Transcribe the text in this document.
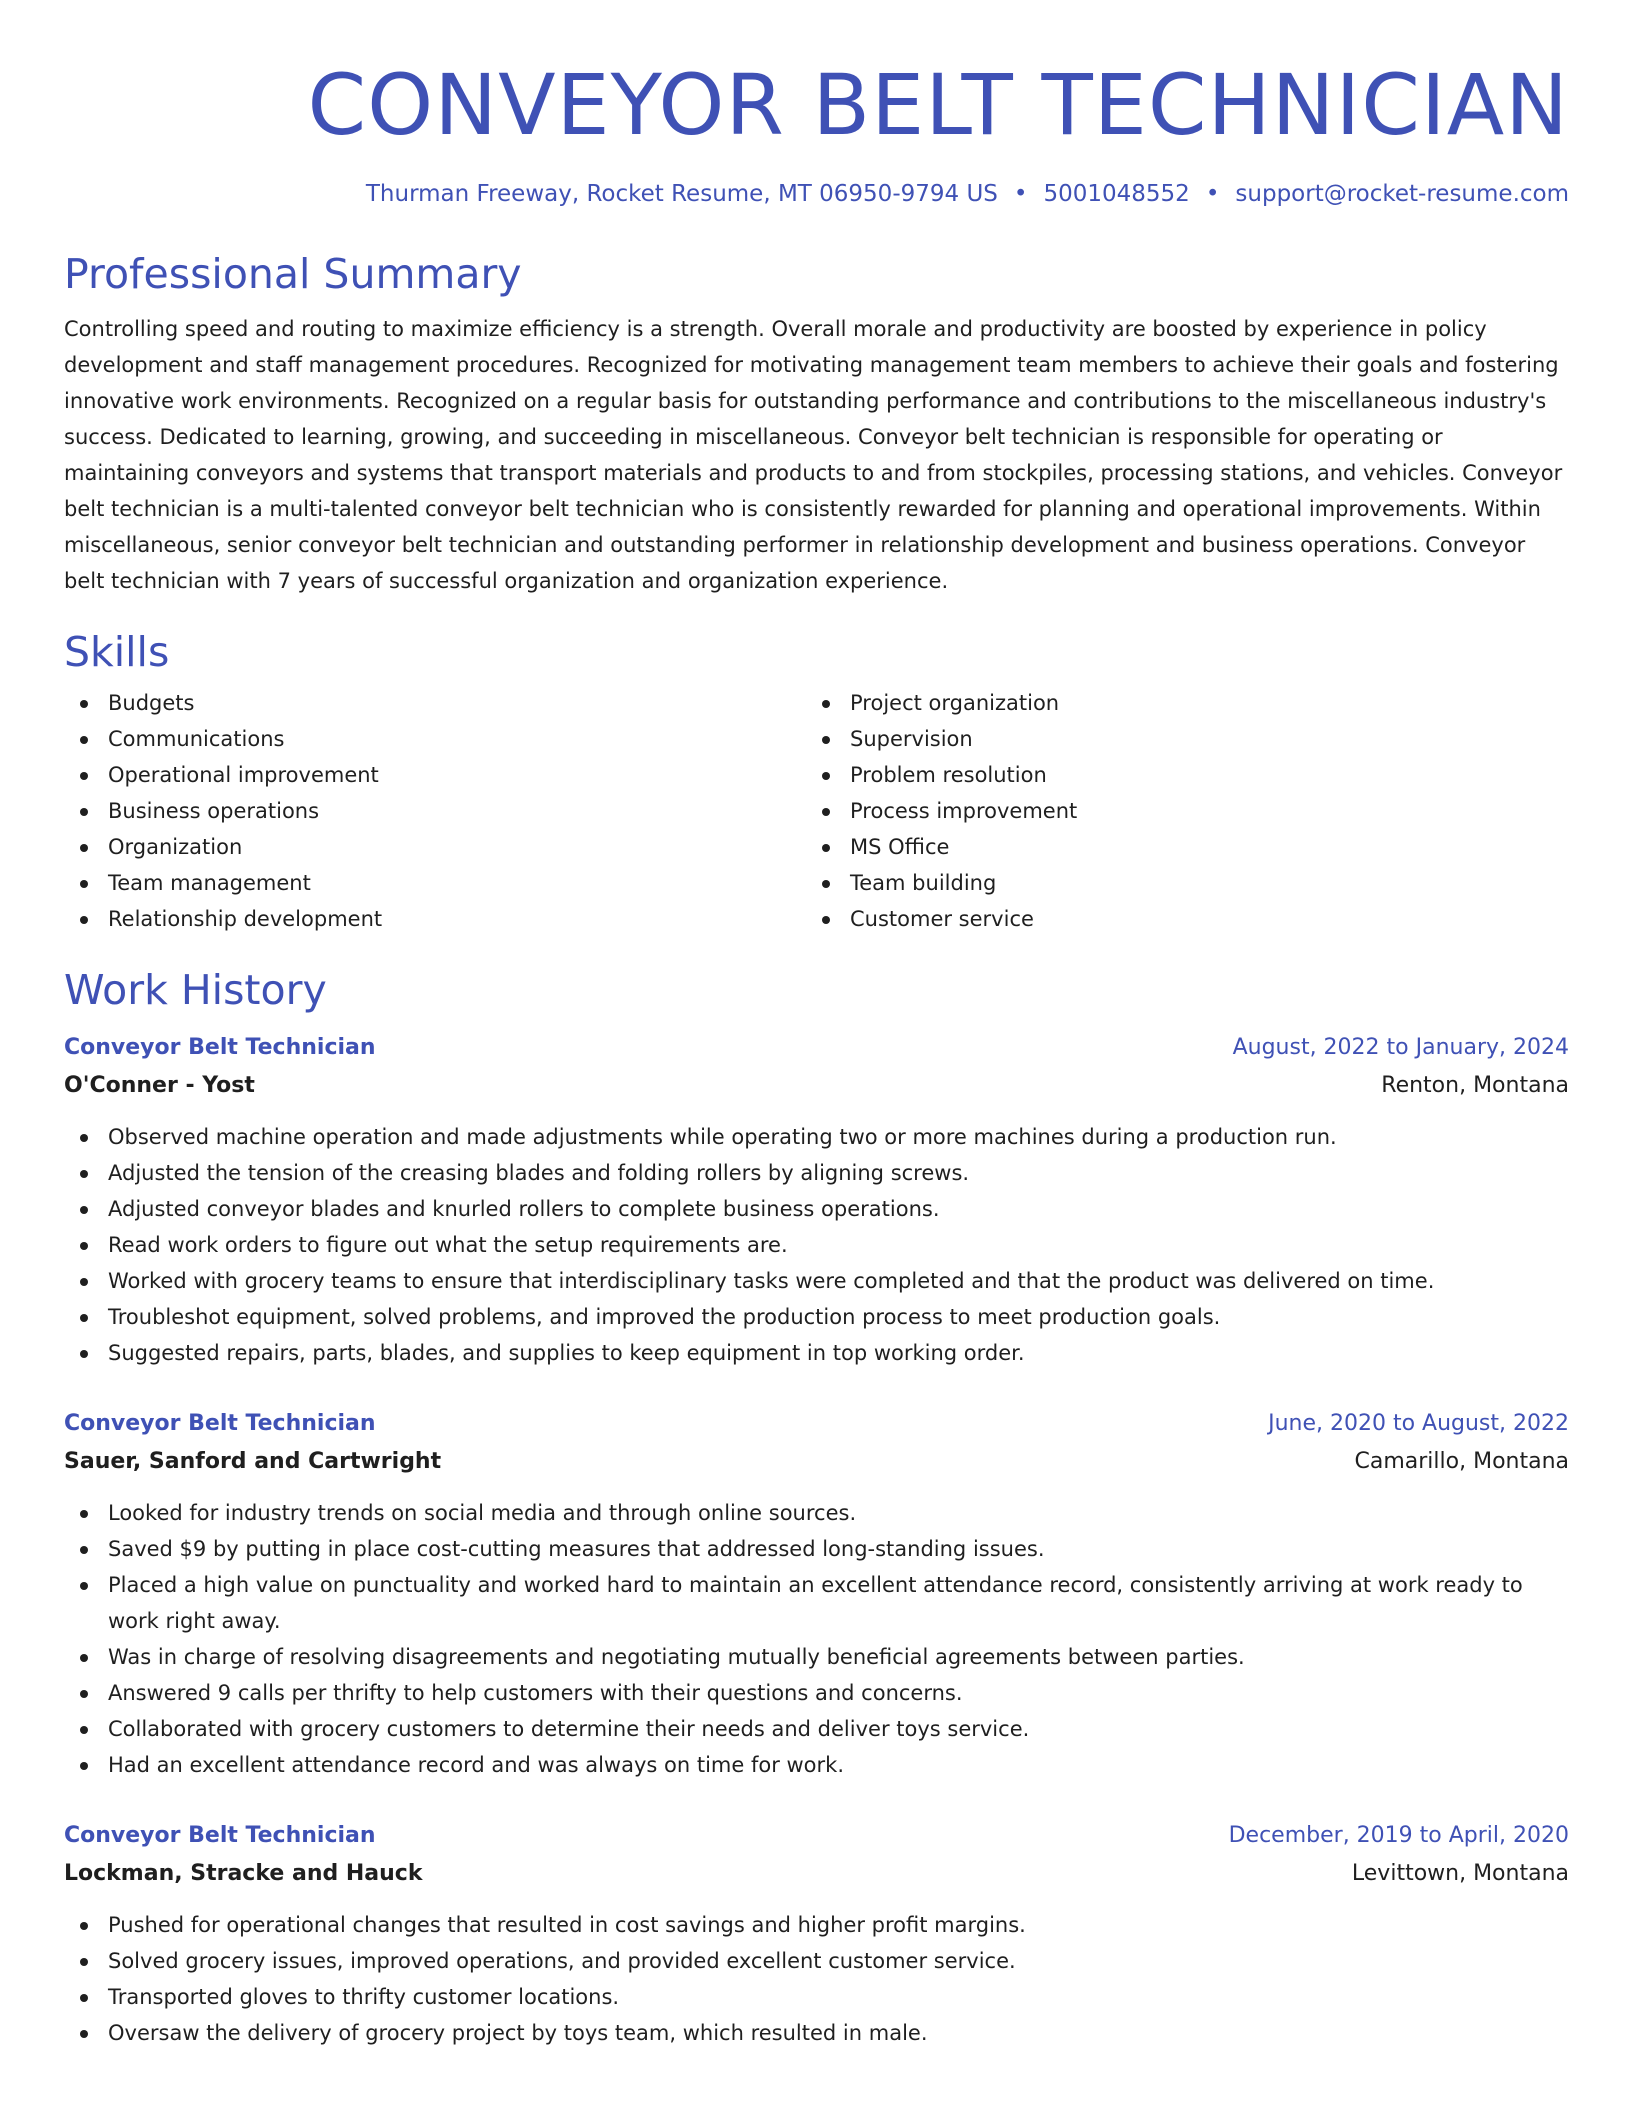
CONVEYOR BELT TECHNICIAN
Thurman Freeway, Rocket Resume, MT 06950-9794 US • 5001048552 • support@rocket-resume.com
Professional Summary
Controlling speed and routing to maximize efficiency is a strength. Overall morale and productivity are boosted by experience in policy development and staff management procedures. Recognized for motivating management team members to achieve their goals and fostering innovative work environments. Recognized on a regular basis for outstanding performance and contributions to the miscellaneous industry's success. Dedicated to learning, growing, and succeeding in miscellaneous. Conveyor belt technician is responsible for operating or maintaining conveyors and systems that transport materials and products to and from stockpiles, processing stations, and vehicles. Conveyor belt technician is a multi-talented conveyor belt technician who is consistently rewarded for planning and operational improvements. Within miscellaneous, senior conveyor belt technician and outstanding performer in relationship development and business operations. Conveyor belt technician with 7 years of successful organization and organization experience.
Skills
Budgets
Communications
Operational improvement
Business operations
Organization
Team management
Relationship development
Project organization
Supervision
Problem resolution
Process improvement
MS Office
Team building
Customer service
Work History
Conveyor Belt Technician	August, 2022 to January, 2024
O'Conner - Yost	Renton, Montana
Observed machine operation and made adjustments while operating two or more machines during a production run.
Adjusted the tension of the creasing blades and folding rollers by aligning screws.
Adjusted conveyor blades and knurled rollers to complete business operations.
Read work orders to figure out what the setup requirements are.
Worked with grocery teams to ensure that interdisciplinary tasks were completed and that the product was delivered on time.
Troubleshot equipment, solved problems, and improved the production process to meet production goals.
Suggested repairs, parts, blades, and supplies to keep equipment in top working order.
Conveyor Belt Technician	June, 2020 to August, 2022
Sauer, Sanford and Cartwright	Camarillo, Montana
Looked for industry trends on social media and through online sources.
Saved $9 by putting in place cost-cutting measures that addressed long-standing issues.
Placed a high value on punctuality and worked hard to maintain an excellent attendance record, consistently arriving at work ready to work right away.
Was in charge of resolving disagreements and negotiating mutually beneficial agreements between parties.
Answered 9 calls per thrifty to help customers with their questions and concerns.
Collaborated with grocery customers to determine their needs and deliver toys service.
Had an excellent attendance record and was always on time for work.
Conveyor Belt Technician	December, 2019 to April, 2020
Lockman, Stracke and Hauck	Levittown, Montana
Pushed for operational changes that resulted in cost savings and higher profit margins.
Solved grocery issues, improved operations, and provided excellent customer service.
Transported gloves to thrifty customer locations.
Oversaw the delivery of grocery project by toys team, which resulted in male.
